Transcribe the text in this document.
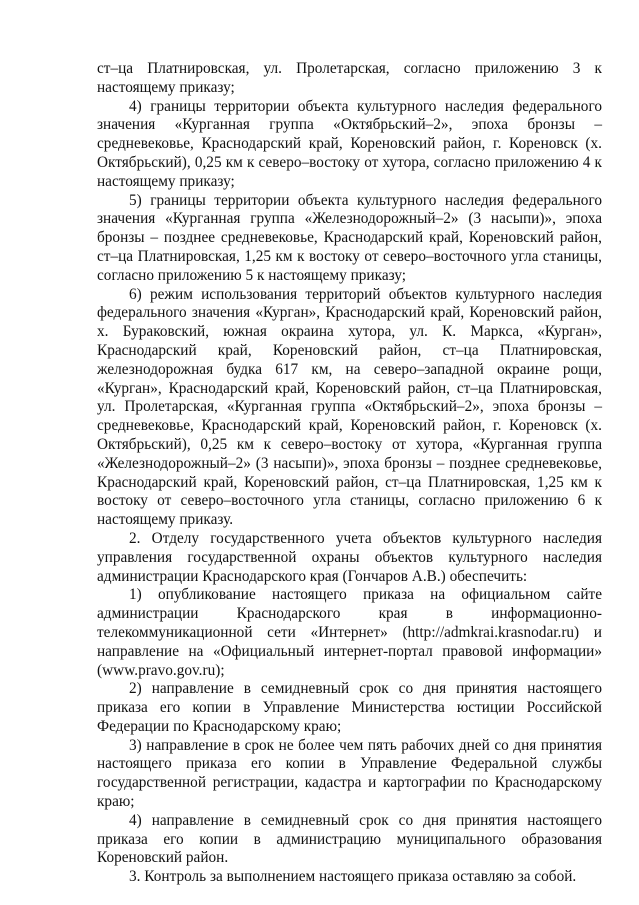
ст–ца Платнировская, ул. Пролетарская, согласно приложению 3 к настоящему приказу;

4) границы территории объекта культурного наследия федерального значения «Курганная группа «Октябрьский–2», эпоха бронзы – средневековье, Краснодарский край, Кореновский район, г. Кореновск (х. Октябрьский), 0,25 км к северо–востоку от хутора, согласно приложению 4 к настоящему приказу;

5) границы территории объекта культурного наследия федерального значения «Курганная группа «Железнодорожный–2» (3 насыпи)», эпоха бронзы – позднее средневековье, Краснодарский край, Кореновский район, ст–ца Платнировская, 1,25 км к востоку от северо–восточного угла станицы, согласно приложению 5 к настоящему приказу;

6) режим использования территорий объектов культурного наследия федерального значения «Курган», Краснодарский край, Кореновский район, х. Бураковский, южная окраина хутора, ул. К. Маркса, «Курган», Краснодарский край, Кореновский район, ст–ца Платнировская, железнодорожная будка 617 км, на северо–западной окраине рощи, «Курган», Краснодарский край, Кореновский район, ст–ца Платнировская, ул. Пролетарская, «Курганная группа «Октябрьский–2», эпоха бронзы – средневековье, Краснодарский край, Кореновский район, г. Кореновск (х. Октябрьский), 0,25 км к северо–востоку от хутора, «Курганная группа «Железнодорожный–2» (3 насыпи)», эпоха бронзы – позднее средневековье, Краснодарский край, Кореновский район, ст–ца Платнировская, 1,25 км к востоку от северо–восточного угла станицы, согласно приложению 6 к настоящему приказу.

2. Отделу государственного учета объектов культурного наследия управления государственной охраны объектов культурного наследия администрации Краснодарского края (Гончаров А.В.) обеспечить:

1) опубликование настоящего приказа на официальном сайте администрации Краснодарского края в информационно-телекоммуникационной сети «Интернет» (http://admkrai.krasnodar.ru) и направление на «Официальный интернет-портал правовой информации» (www.pravo.gov.ru);

2) направление в семидневный срок со дня принятия настоящего приказа его копии в Управление Министерства юстиции Российской Федерации по Краснодарскому краю;

3) направление в срок не более чем пять рабочих дней со дня принятия настоящего приказа его копии в Управление Федеральной службы государственной регистрации, кадастра и картографии по Краснодарскому краю;

4) направление в семидневный срок со дня принятия настоящего приказа его копии в администрацию муниципального образования Кореновский район.

3. Контроль за выполнением настоящего приказа оставляю за собой.
